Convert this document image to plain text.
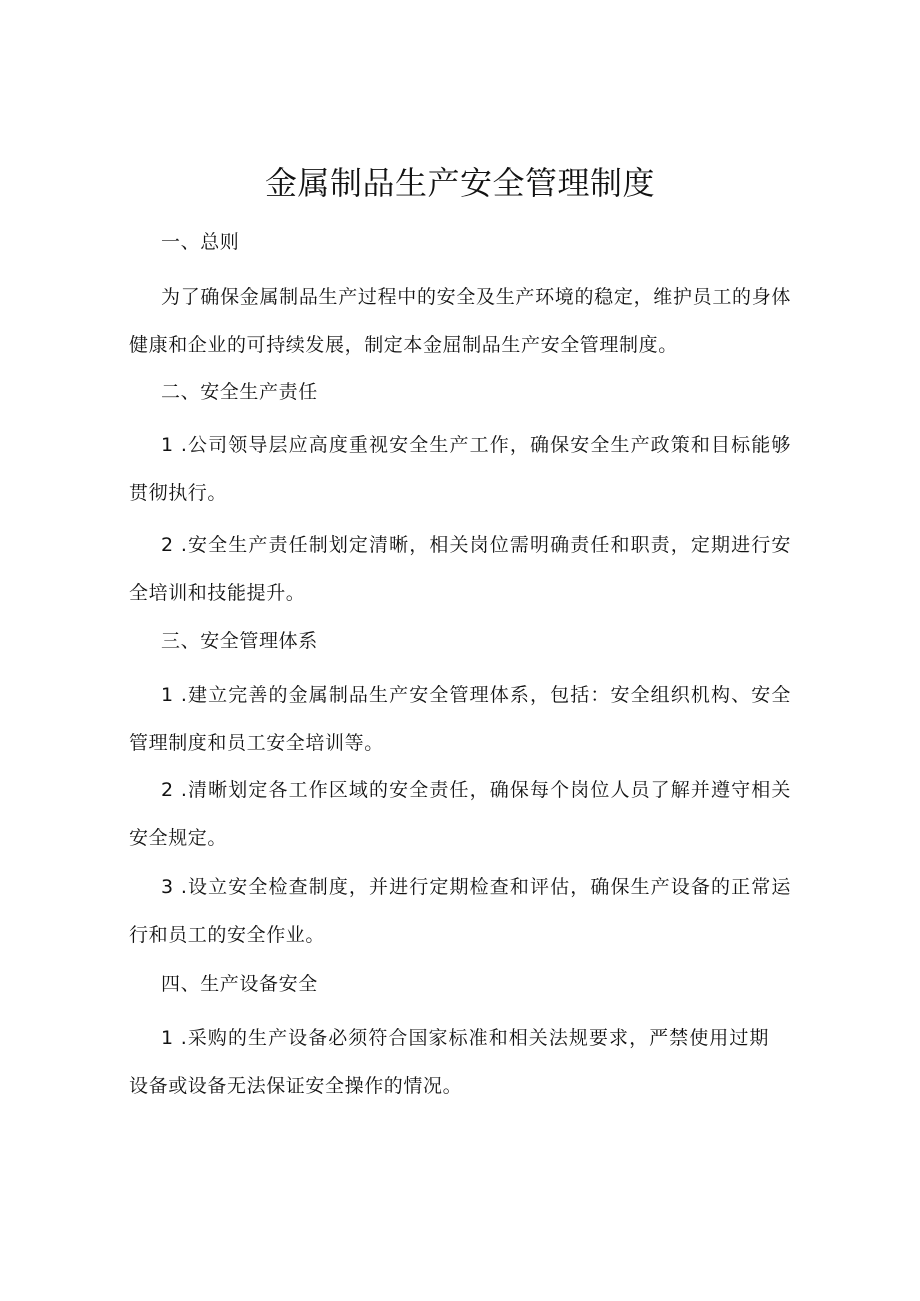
金属制品生产安全管理制度
一、总则

为了确保金属制品生产过程中的安全及生产环境的稳定，维护员工的身体健康和企业的可持续发展，制定本金屈制品生产安全管理制度。

二、安全生产责任

1 .公司领导层应高度重视安全生产工作，确保安全生产政策和目标能够贯彻执行。

2 .安全生产责任制划定清晰，相关岗位需明确责任和职责，定期进行安全培训和技能提升。

三、安全管理体系

1 .建立完善的金属制品生产安全管理体系，包括：安全组织机构、安全管理制度和员工安全培训等。

2 .清晰划定各工作区域的安全责任，确保每个岗位人员了解并遵守相关安全规定。

3 .设立安全检查制度，并进行定期检查和评估，确保生产设备的正常运行和员工的安全作业。

四、生产设备安全

1 .采购的生产设备必须符合国家标准和相关法规要求，严禁使用过期设备或设备无法保证安全操作的情况。
